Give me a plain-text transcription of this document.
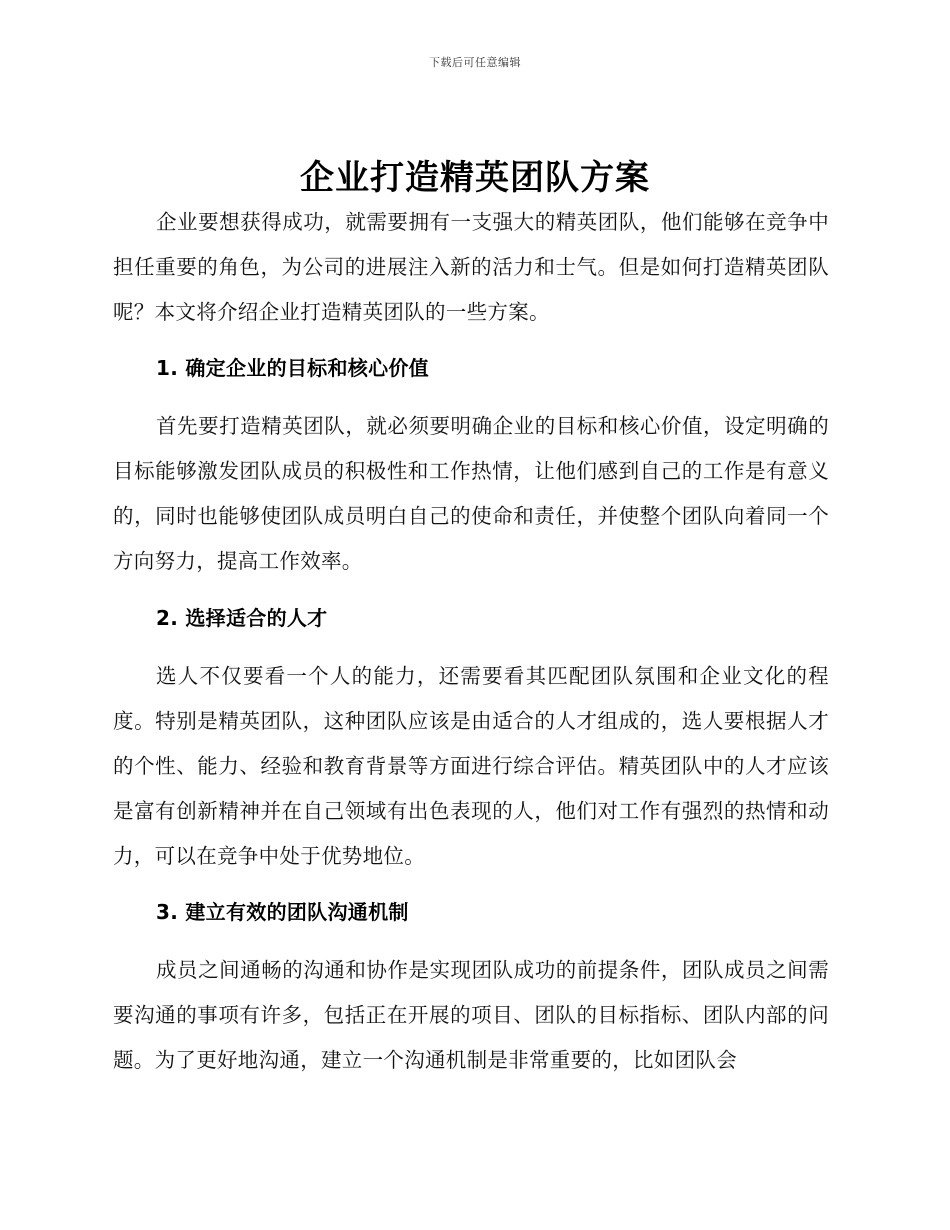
下载后可任意编辑
企业打造精英团队方案

企业要想获得成功，就需要拥有一支强大的精英团队，他们能够在竞争中担任重要的角色，为公司的进展注入新的活力和士气。但是如何打造精英团队呢？本文将介绍企业打造精英团队的一些方案。

1. 确定企业的目标和核心价值

首先要打造精英团队，就必须要明确企业的目标和核心价值，设定明确的目标能够激发团队成员的积极性和工作热情，让他们感到自己的工作是有意义的，同时也能够使团队成员明白自己的使命和责任，并使整个团队向着同一个方向努力，提高工作效率。

2. 选择适合的人才

选人不仅要看一个人的能力，还需要看其匹配团队氛围和企业文化的程度。特别是精英团队，这种团队应该是由适合的人才组成的，选人要根据人才的个性、能力、经验和教育背景等方面进行综合评估。精英团队中的人才应该是富有创新精神并在自己领域有出色表现的人，他们对工作有强烈的热情和动力，可以在竞争中处于优势地位。

3. 建立有效的团队沟通机制

成员之间通畅的沟通和协作是实现团队成功的前提条件，团队成员之间需要沟通的事项有许多，包括正在开展的项目、团队的目标指标、团队内部的问题。为了更好地沟通，建立一个沟通机制是非常重要的，比如团队会
